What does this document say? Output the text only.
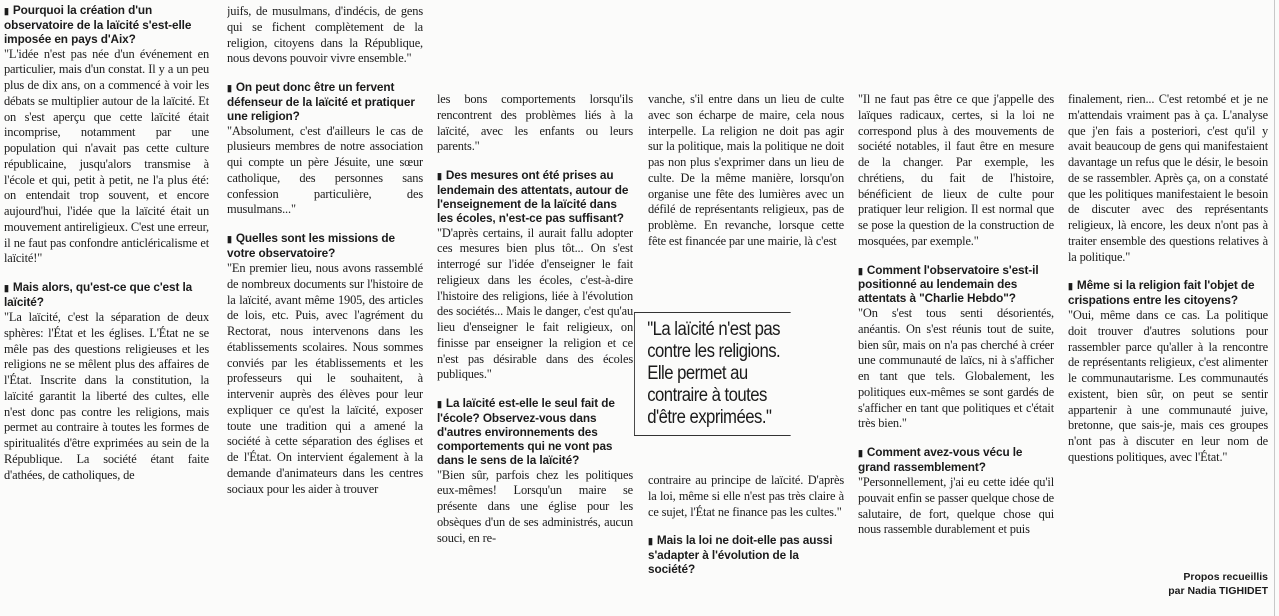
▮ Pourquoi la création d'un observatoire de la laïcité s'est-elle imposée en pays d'Aix?

"L'idée n'est pas née d'un événement en particulier, mais d'un constat. Il y a un peu plus de dix ans, on a commencé à voir les débats se multiplier autour de la laïcité. Et on s'est aperçu que cette laïcité était incomprise, notamment par une population qui n'avait pas cette culture républicaine, jusqu'alors transmise à l'école et qui, petit à petit, ne l'a plus été: on entendait trop souvent, et encore aujourd'hui, l'idée que la laïcité était un mouvement antireligieux. C'est une erreur, il ne faut pas confondre anticléricalisme et laïcité!"

▮ Mais alors, qu'est-ce que c'est la laïcité?

"La laïcité, c'est la séparation de deux sphères: l'État et les églises. L'État ne se mêle pas des questions religieuses et les religions ne se mêlent plus des affaires de l'État. Inscrite dans la constitution, la laïcité garantit la liberté des cultes, elle n'est donc pas contre les religions, mais permet au contraire à toutes les formes de spiritualités d'être exprimées au sein de la République. La société étant faite d'athées, de catholiques, de

juifs, de musulmans, d'indécis, de gens qui se fichent complètement de la religion, citoyens dans la République, nous devons pouvoir vivre ensemble."

▮ On peut donc être un fervent défenseur de la laïcité et pratiquer une religion?

"Absolument, c'est d'ailleurs le cas de plusieurs membres de notre association qui compte un père Jésuite, une sœur catholique, des personnes sans confession particulière, des musulmans..."

▮ Quelles sont les missions de votre observatoire?

"En premier lieu, nous avons rassemblé de nombreux documents sur l'histoire de la laïcité, avant même 1905, des articles de lois, etc. Puis, avec l'agrément du Rectorat, nous intervenons dans les établissements scolaires. Nous sommes conviés par les établissements et les professeurs qui le souhaitent, à intervenir auprès des élèves pour leur expliquer ce qu'est la laïcité, exposer toute une tradition qui a amené la société à cette séparation des églises et de l'État. On intervient également à la demande d'animateurs dans les centres sociaux pour les aider à trouver

les bons comportements lorsqu'ils rencontrent des problèmes liés à la laïcité, avec les enfants ou leurs parents."

▮ Des mesures ont été prises au lendemain des attentats, autour de l'enseignement de la laïcité dans les écoles, n'est-ce pas suffisant?

"D'après certains, il aurait fallu adopter ces mesures bien plus tôt... On s'est interrogé sur l'idée d'enseigner le fait religieux dans les écoles, c'est-à-dire l'histoire des religions, liée à l'évolution des sociétés... Mais le danger, c'est qu'au lieu d'enseigner le fait religieux, on finisse par enseigner la religion et ce n'est pas désirable dans des écoles publiques."

▮ La laïcité est-elle le seul fait de l'école? Observez-vous dans d'autres environnements des comportements qui ne vont pas dans le sens de la laïcité?

"Bien sûr, parfois chez les politiques eux-mêmes! Lorsqu'un maire se présente dans une église pour les obsèques d'un de ses administrés, aucun souci, en re-

vanche, s'il entre dans un lieu de culte avec son écharpe de maire, cela nous interpelle. La religion ne doit pas agir sur la politique, mais la politique ne doit pas non plus s'exprimer dans un lieu de culte. De la même manière, lorsqu'on organise une fête des lumières avec un défilé de représentants religieux, pas de problème. En revanche, lorsque cette fête est financée par une mairie, là c'est

"La laïcité n'est pas contre les religions. Elle permet au contraire à toutes d'être exprimées."

contraire au principe de laïcité. D'après la loi, même si elle n'est pas très claire à ce sujet, l'État ne finance pas les cultes."

▮ Mais la loi ne doit-elle pas aussi s'adapter à l'évolution de la société?

"Il ne faut pas être ce que j'appelle des laïques radicaux, certes, si la loi ne correspond plus à des mouvements de société notables, il faut être en mesure de la changer. Par exemple, les chrétiens, du fait de l'histoire, bénéficient de lieux de culte pour pratiquer leur religion. Il est normal que se pose la question de la construction de mosquées, par exemple."

▮ Comment l'observatoire s'est-il positionné au lendemain des attentats à "Charlie Hebdo"?

"On s'est tous senti désorientés, anéantis. On s'est réunis tout de suite, bien sûr, mais on n'a pas cherché à créer une communauté de laïcs, ni à s'afficher en tant que tels. Globalement, les politiques eux-mêmes se sont gardés de s'afficher en tant que politiques et c'était très bien."

▮ Comment avez-vous vécu le grand rassemblement?

"Personnellement, j'ai eu cette idée qu'il pouvait enfin se passer quelque chose de salutaire, de fort, quelque chose qui nous rassemble durablement et puis

finalement, rien... C'est retombé et je ne m'attendais vraiment pas à ça. L'analyse que j'en fais a posteriori, c'est qu'il y avait beaucoup de gens qui manifestaient davantage un refus que le désir, le besoin de se rassembler. Après ça, on a constaté que les politiques manifestaient le besoin de discuter avec des représentants religieux, là encore, les deux n'ont pas à traiter ensemble des questions relatives à la politique."

▮ Même si la religion fait l'objet de crispations entre les citoyens?

"Oui, même dans ce cas. La politique doit trouver d'autres solutions pour rassembler parce qu'aller à la rencontre de représentants religieux, c'est alimenter le communautarisme. Les communautés existent, bien sûr, on peut se sentir appartenir à une communauté juive, bretonne, que sais-je, mais ces groupes n'ont pas à discuter en leur nom de questions politiques, avec l'État."

Propos recueillis
par Nadia TIGHIDET
